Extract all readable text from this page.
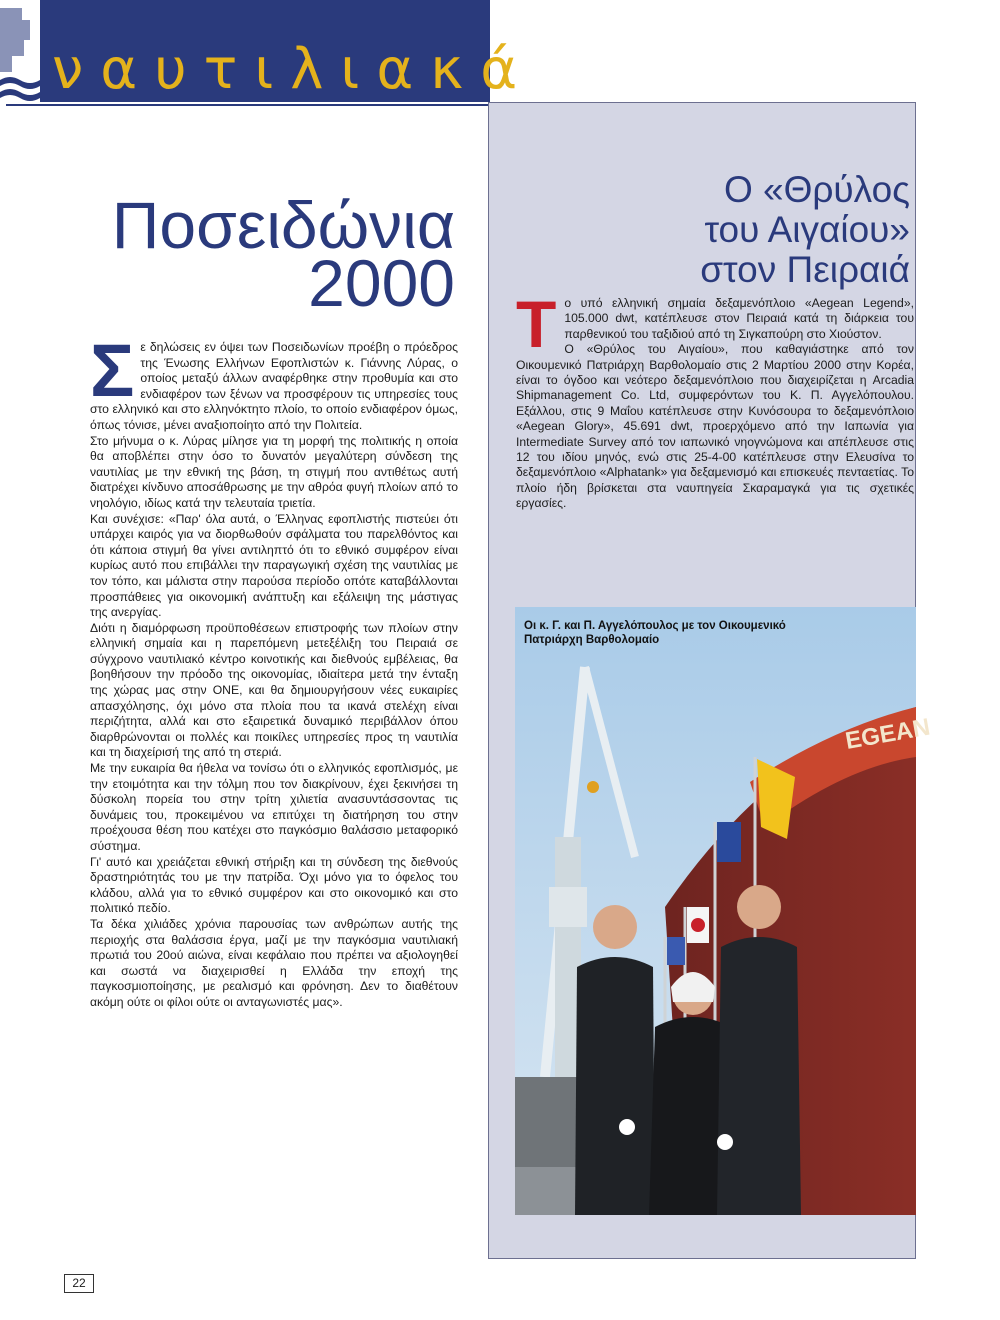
ναυτιλιακά
Ποσειδώνια
2000
Σ ε δηλώσεις εν όψει των Ποσειδωνίων προέβη ο πρόεδρος της Ένωσης Ελλήνων Εφοπλιστών κ. Γιάννης Λύρας, ο οποίος μεταξύ άλλων αναφέρθηκε στην προθυμία και στο ενδιαφέρον των ξένων να προσφέρουν τις υπηρεσίες τους στο ελληνικό και στο ελληνόκτητο πλοίο, το οποίο ενδιαφέρον όμως, όπως τόνισε, μένει αναξιοποίητο από την Πολιτεία.

Στο μήνυμα ο κ. Λύρας μίλησε για τη μορφή της πολιτικής η οποία θα αποβλέπει στην όσο το δυνατόν μεγαλύτερη σύνδεση της ναυτιλίας με την εθνική της βάση, τη στιγμή που αντιθέτως αυτή διατρέχει κίνδυνο αποσάθρωσης με την αθρόα φυγή πλοίων από το νηολόγιο, ιδίως κατά την τελευταία τριετία.

Και συνέχισε: «Παρ' όλα αυτά, ο Έλληνας εφοπλιστής πιστεύει ότι υπάρχει καιρός για να διορθωθούν σφάλματα του παρελθόντος και ότι κάποια στιγμή θα γίνει αντιληπτό ότι το εθνικό συμφέρον είναι κυρίως αυτό που επιβάλλει την παραγωγική σχέση της ναυτιλίας με τον τόπο, και μάλιστα στην παρούσα περίοδο οπότε καταβάλλονται προσπάθειες για οικονομική ανάπτυξη και εξάλειψη της μάστιγας της ανεργίας.

Διότι η διαμόρφωση προϋποθέσεων επιστροφής των πλοίων στην ελληνική σημαία και η παρεπόμενη μετεξέλιξη του Πειραιά σε σύγχρονο ναυτιλιακό κέντρο κοινοτικής και διεθνούς εμβέλειας, θα βοηθήσουν την πρόοδο της οικονομίας, ιδιαίτερα μετά την ένταξη της χώρας μας στην ΟΝΕ, και θα δημιουργήσουν νέες ευκαιρίες απασχόλησης, όχι μόνο στα πλοία που τα ικανά στελέχη είναι περιζήτητα, αλλά και στο εξαιρετικά δυναμικό περιβάλλον όπου διαρθρώνονται οι πολλές και ποικίλες υπηρεσίες προς τη ναυτιλία και τη διαχείρισή της από τη στεριά.

Με την ευκαιρία θα ήθελα να τονίσω ότι ο ελληνικός εφοπλισμός, με την ετοιμότητα και την τόλμη που τον διακρίνουν, έχει ξεκινήσει τη δύσκολη πορεία του στην τρίτη χιλιετία ανασυντάσσοντας τις δυνάμεις του, προκειμένου να επιτύχει τη διατήρηση του στην προέχουσα θέση που κατέχει στο παγκόσμιο θαλάσσιο μεταφορικό σύστημα.

Γι' αυτό και χρειάζεται εθνική στήριξη και τη σύνδεση της διεθνούς δραστηριότητάς του με την πατρίδα. Όχι μόνο για το όφελος του κλάδου, αλλά για το εθνικό συμφέρον και στο οικονομικό και στο πολιτικό πεδίο.

Τα δέκα χιλιάδες χρόνια παρουσίας των ανθρώπων αυτής της περιοχής στα θαλάσσια έργα, μαζί με την παγκόσμια ναυτιλιακή πρωτιά του 20ού αιώνα, είναι κεφάλαιο που πρέπει να αξιολογηθεί και σωστά να διαχειρισθεί η Ελλάδα την εποχή της παγκοσμιοποίησης, με ρεαλισμό και φρόνηση. Δεν το διαθέτουν ακόμη ούτε οι φίλοι ούτε οι ανταγωνιστές μας».

Ο «Θρύλος
του Αιγαίου»
στον Πειραιά
Τ ο υπό ελληνική σημαία δεξαμενόπλοιο «Aegean Legend», 105.000 dwt, κατέπλευσε στον Πειραιά κατά τη διάρκεια του παρθενικού του ταξιδιού από τη Σιγκαπούρη στο Χιούστον.

Ο «Θρύλος του Αιγαίου», που καθαγιάστηκε από τον Οικουμενικό Πατριάρχη Βαρθολομαίο στις 2 Μαρτίου 2000 στην Κορέα, είναι το όγδοο και νεότερο δεξαμενόπλοιο που διαχειρίζεται η Arcadia Shipmanagement Co. Ltd, συμφερόντων του Κ. Π. Αγγελόπουλου. Εξάλλου, στις 9 Μαΐου κατέπλευσε στην Κυνόσουρα το δεξαμενόπλοιο «Aegean Glory», 45.691 dwt, προερχόμενο από την Ιαπωνία για Intermediate Survey από τον ιαπωνικό νηογνώμονα και απέπλευσε στις 12 του ιδίου μηνός, ενώ στις 25-4-00 κατέπλευσε στην Ελευσίνα το δεξαμενόπλοιο «Alphatank» για δεξαμενισμό και επισκευές πενταετίας. Το πλοίο ήδη βρίσκεται στα ναυπηγεία Σκαραμαγκά για τις σχετικές εργασίες.

EGEAN
Οι κ. Γ. και Π. Αγγελόπουλος με τον Οικουμενικό Πατριάρχη Βαρθολομαίο
22
